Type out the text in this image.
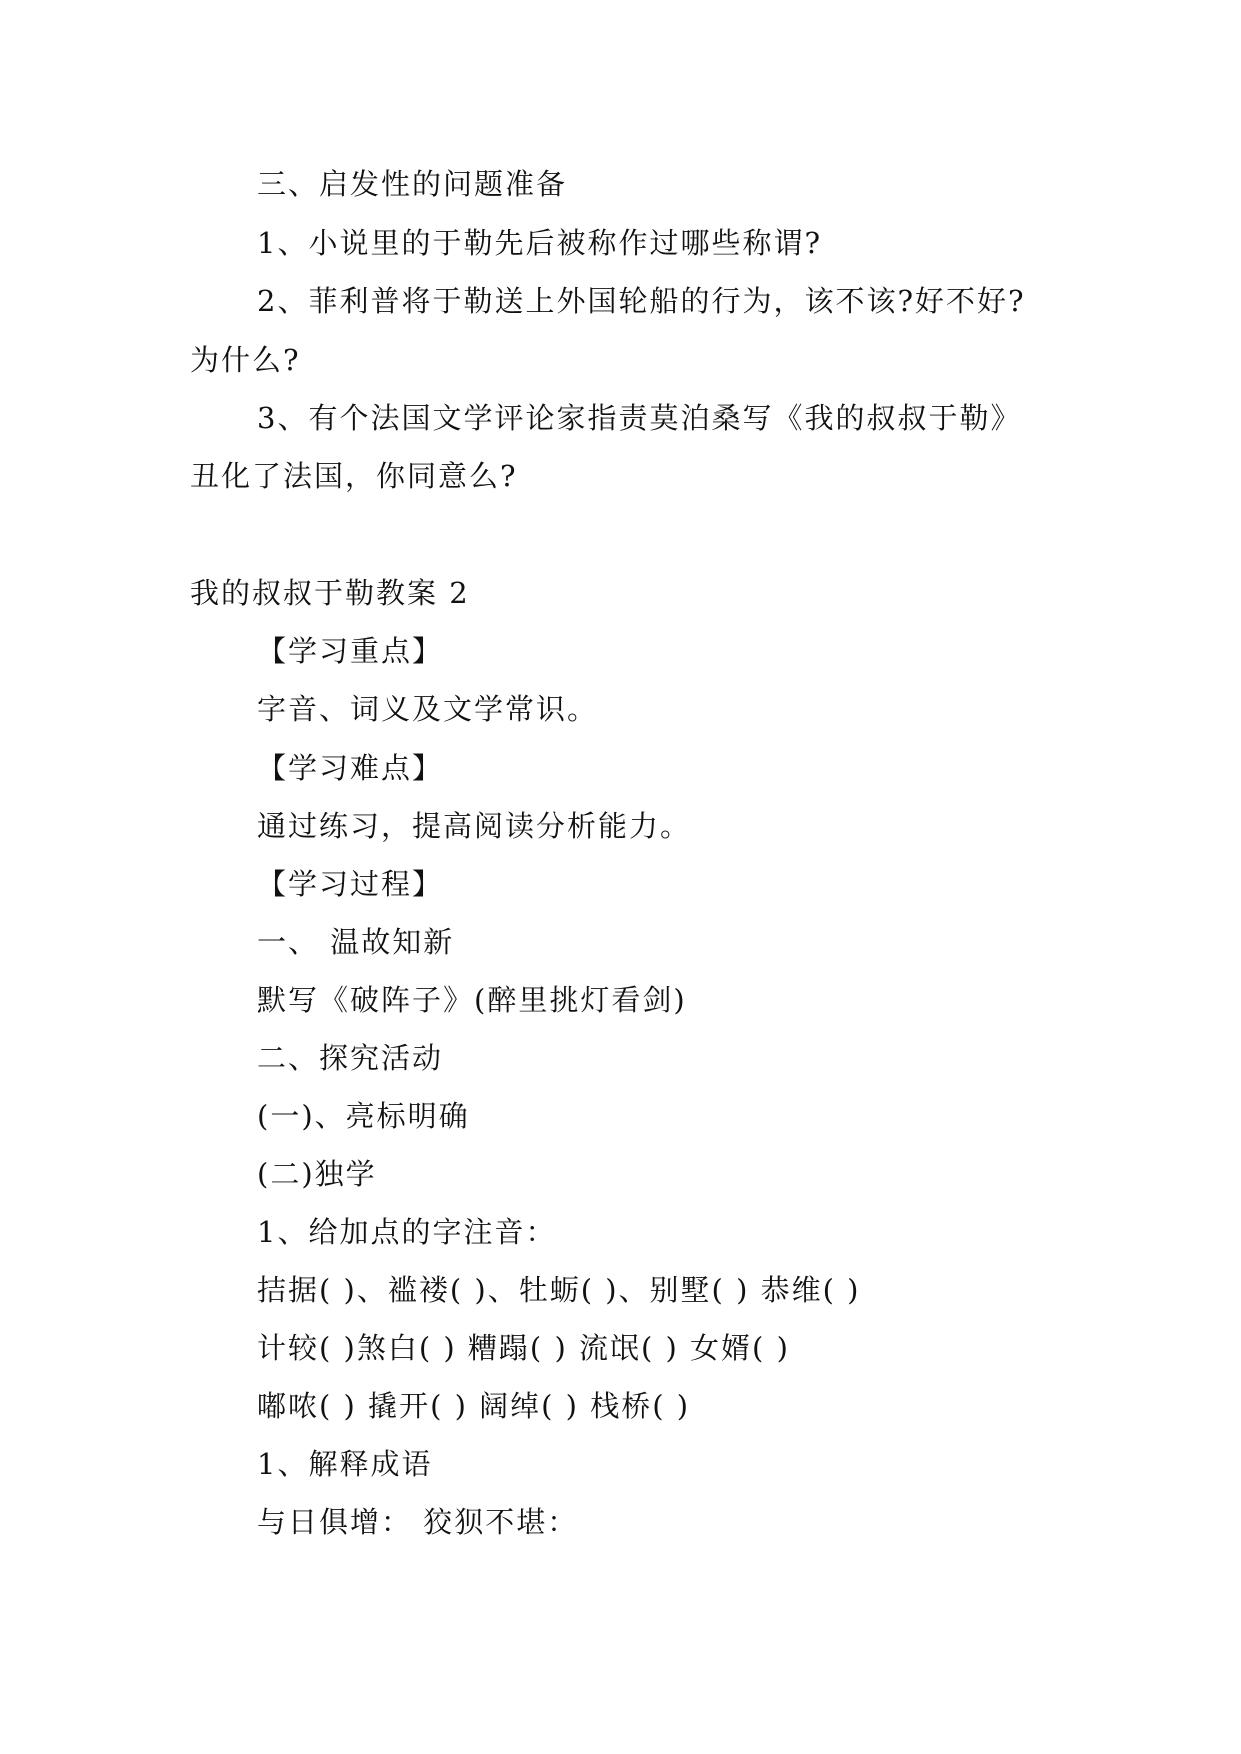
三、启发性的问题准备
1、小说里的于勒先后被称作过哪些称谓?
2、菲利普将于勒送上外国轮船的行为，该不该?好不好?
为什么?
3、有个法国文学评论家指责莫泊桑写《我的叔叔于勒》
丑化了法国，你同意么?
我的叔叔于勒教案 2
【学习重点】
字音、词义及文学常识。
【学习难点】
通过练习，提高阅读分析能力。
【学习过程】
一、 温故知新
默写《破阵子》(醉里挑灯看剑)
二、探究活动
(一)、亮标明确
(二)独学
1、给加点的字注音：
拮据( )、褴褛( )、牡蛎( )、别墅( ) 恭维( )
计较( )煞白( ) 糟蹋( ) 流氓( ) 女婿( )
嘟哝( ) 撬开( ) 阔绰( ) 栈桥( )
1、解释成语
与日俱增： 狡狈不堪：
